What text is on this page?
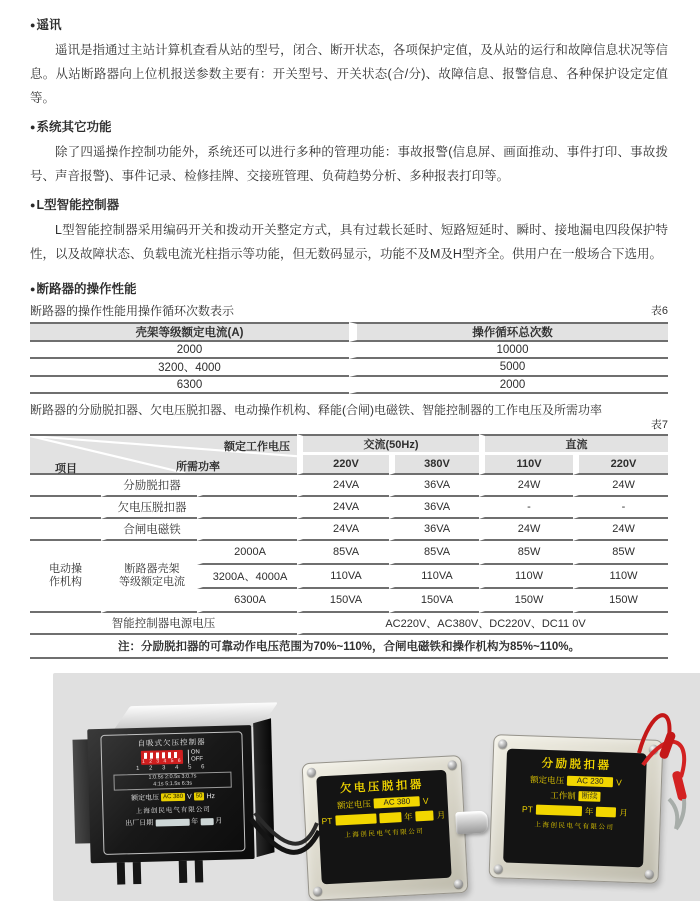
●遥讯

遥讯是指通过主站计算机查看从站的型号，闭合、断开状态，各项保护定值，及从站的运行和故障信息状况等信息。从站断路器向上位机报送参数主要有：开关型号、开关状态(合/分)、故障信息、报警信息、各种保护设定定值等。

●系统其它功能

除了四遥操作控制功能外，系统还可以进行多种的管理功能：事故报警(信息屏、画面推动、事件打印、事故拨号、声音报警)、事件记录、检修挂牌、交接班管理、负荷趋势分析、多种报表打印等。

●L型智能控制器

L型智能控制器采用编码开关和拨动开关整定方式，具有过载长延时、短路短延时、瞬时、接地漏电四段保护特性，以及故障状态、负载电流光柱指示等功能，但无数码显示，功能不及M及H型齐全。供用户在一般场合下选用。

●断路器的操作性能
断路器的操作性能用操作循环次数表示	表6
壳架等级额定电流(A)	操作循环总次数
2000	10000
3200、4000	5000
6300	2000
断路器的分励脱扣器、欠电压脱扣器、电动操作机构、释能(合闸)电磁铁、智能控制器的工作电压及所需功率
表7
额定工作电压
所需功率
项目			交流(50Hz)		直流	
			220V	380V	110V	220V
	分励脱扣器		24VA	36VA	24W	24W
	欠电压脱扣器		24VA	36VA	-	-
	合闸电磁铁		24VA	36VA	24W	24W

电动操
作机构	断路器壳架
等级额定电流	2000A	85VA	85VA	85W	85W
		3200A、4000A	110VA	110VA	110W	110W
		6300A	150VA	150VA	150W	150W
智能控制器电源电压			AC220V、AC380V、DC220V、DC11 0V			
注：分励脱扣器的可靠动作电压范围为70%~110%，合闸电磁铁和操作机构为85%~110%。						
自吸式欠压控制器
1 2 3 4 5 6
ON
OFF
1 2 3 4 5 6
1:0.5s 2:0.5s 3:0.7s
4:1s 5:1.5s 6:3s
额定电压 AC 380 V 50 Hz
上海创民电气有限公司
出厂日期	年 月
欠电压脱扣器
额定电压	AC 380	V
PT	年	月
上海创民电气有限公司
分励脱扣器
额定电压	AC 230	V
工作制 断续
PT	年	月
上海创民电气有限公司
